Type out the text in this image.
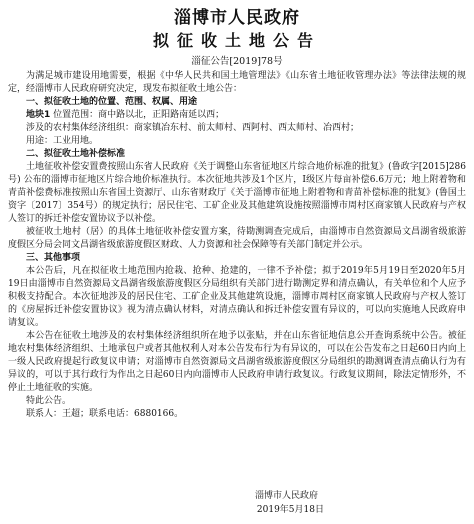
淄博市人民政府
拟征收土地公告
淄征公告[2019]78号

为满足城市建设用地需要，根据《中华人民共和国土地管理法》《山东省土地征收管理办法》等法律法规的规定，经淄博市人民政府研究决定，现发布拟征收土地公告：

一、拟征收土地的位置、范围、权属、用途

地块1 位置范围：商中路以北，正阳路南延以西；

涉及的农村集体经济组织：商家镇冶东村、前太师村、西阿村、西太师村、冶西村；

用途：工业用地。

二、拟征收土地补偿标准

土地征收补偿安置费按照山东省人民政府《关于调整山东省征地区片综合地价标准的批复》(鲁政字[2015]286号) 公布的淄博市征地区片综合地价标准执行。本次征地共涉及1个区片，I级区片每亩补偿6.6万元；地上附着物和青苗补偿费标准按照山东省国土资源厅、山东省财政厅《关于淄博市征地上附着物和青苗补偿标准的批复》(鲁国土资字〔2017〕354号）的规定执行；居民住宅、工矿企业及其他建筑设施按照淄博市周村区商家镇人民政府与产权人签订的拆迁补偿安置协议予以补偿。

被征收土地村（居）的具体土地征收补偿安置方案，待勘测调查完成后，由淄博市自然资源局文昌湖省级旅游度假区分局会同文昌湖省级旅游度假区财政、人力资源和社会保障等有关部门制定并公示。

三、其他事项

本公告后，凡在拟征收土地范围内抢栽、抢种、抢建的，一律不予补偿；拟于2019年5月19日至2020年5月19日由淄博市自然资源局文昌湖省级旅游度假区分局组织有关部门进行勘测定界和清点确认，有关单位和个人应予积极支持配合。本次征地涉及的居民住宅、工矿企业及其他建筑设施，淄博市周村区商家镇人民政府与产权人签订的《房屋拆迁补偿安置协议》视为清点确认材料，对清点确认和拆迁补偿安置有异议的，可以向实施地人民政府申请复议。

本公告在征收土地涉及的农村集体经济组织所在地予以张贴，并在山东省征地信息公开查询系统中公告。被征地农村集体经济组织、土地承包户或者其他权利人对本公告发布行为有异议的，可以在公告发布之日起60日内向上一级人民政府提起行政复议申请；对淄博市自然资源局文昌湖省级旅游度假区分局组织的勘测调查清点确认行为有异议的，可以于其行政行为作出之日起60日内向淄博市人民政府申请行政复议。行政复议期间，除法定情形外，不停止土地征收的实施。

特此公告。

联系人：王超；联系电话：6880166。

淄博市人民政府
2019年5月18日
